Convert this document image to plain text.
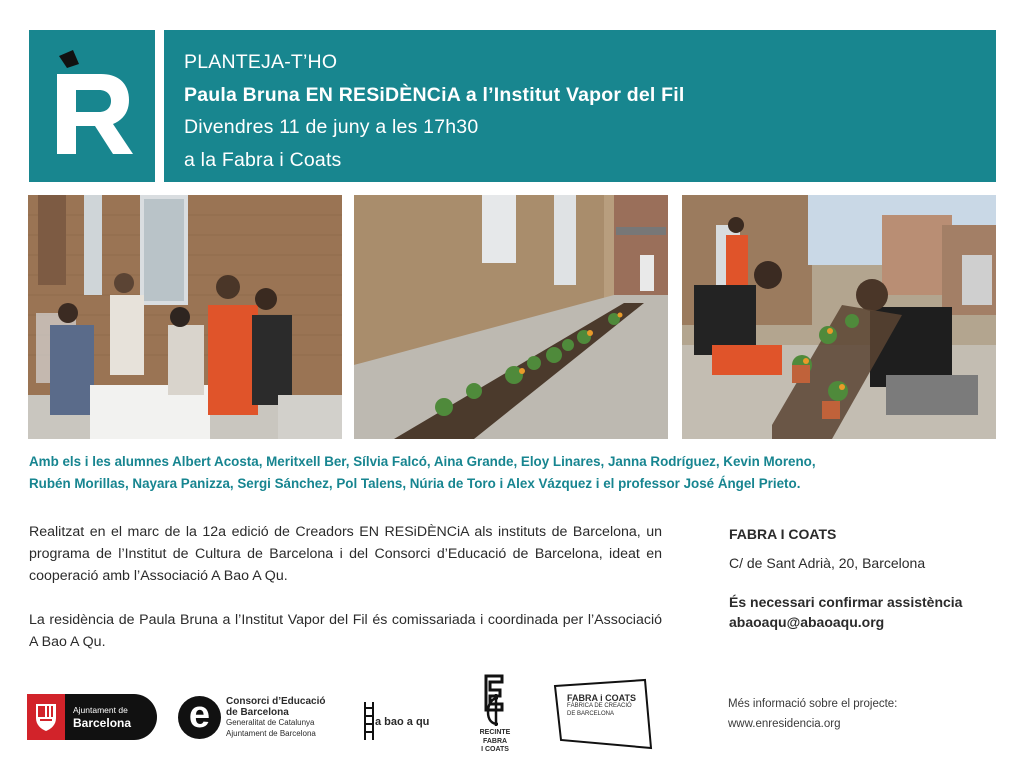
PLANTEJA-T’HO
Paula Bruna EN RESiDÈNCiA a l’Institut Vapor del Fil
Divendres 11 de juny a les 17h30
a la Fabra i Coats
Amb els i les alumnes Albert Acosta, Meritxell Ber, Sílvia Falcó, Aina Grande, Eloy Linares, Janna Rodríguez, Kevin Moreno,
Rubén Morillas, Nayara Panizza, Sergi Sánchez, Pol Talens, Núria de Toro i Alex Vázquez i el professor José Ángel Prieto.

Realitzat en el marc de la 12a edició de Creadors EN RESiDÈNCiA als instituts de Barcelona, un programa de l’Institut de Cultura de Barcelona i del Consorci d’Educació de Barcelona, ideat en cooperació amb l’Associació A Bao A Qu.

La residència de Paula Bruna a l’Institut Vapor del Fil és comissariada i coordinada per l’Associació A Bao A Qu.

FABRA I COATS
C/ de Sant Adrià, 20, Barcelona
És necessari confirmar assistència
abaoaqu@abaoaqu.org
Més informació sobre el projecte:
www.enresidencia.org
Ajuntament de
Barcelona e	Consorci d’Educació
de Barcelona
Generalitat de Catalunya
Ajuntament de Barcelona
a bao a qu
RECINTE
FABRA
I COATS
FABRA i COATS
FÀBRICA DE CREACIÓ
DE BARCELONA
